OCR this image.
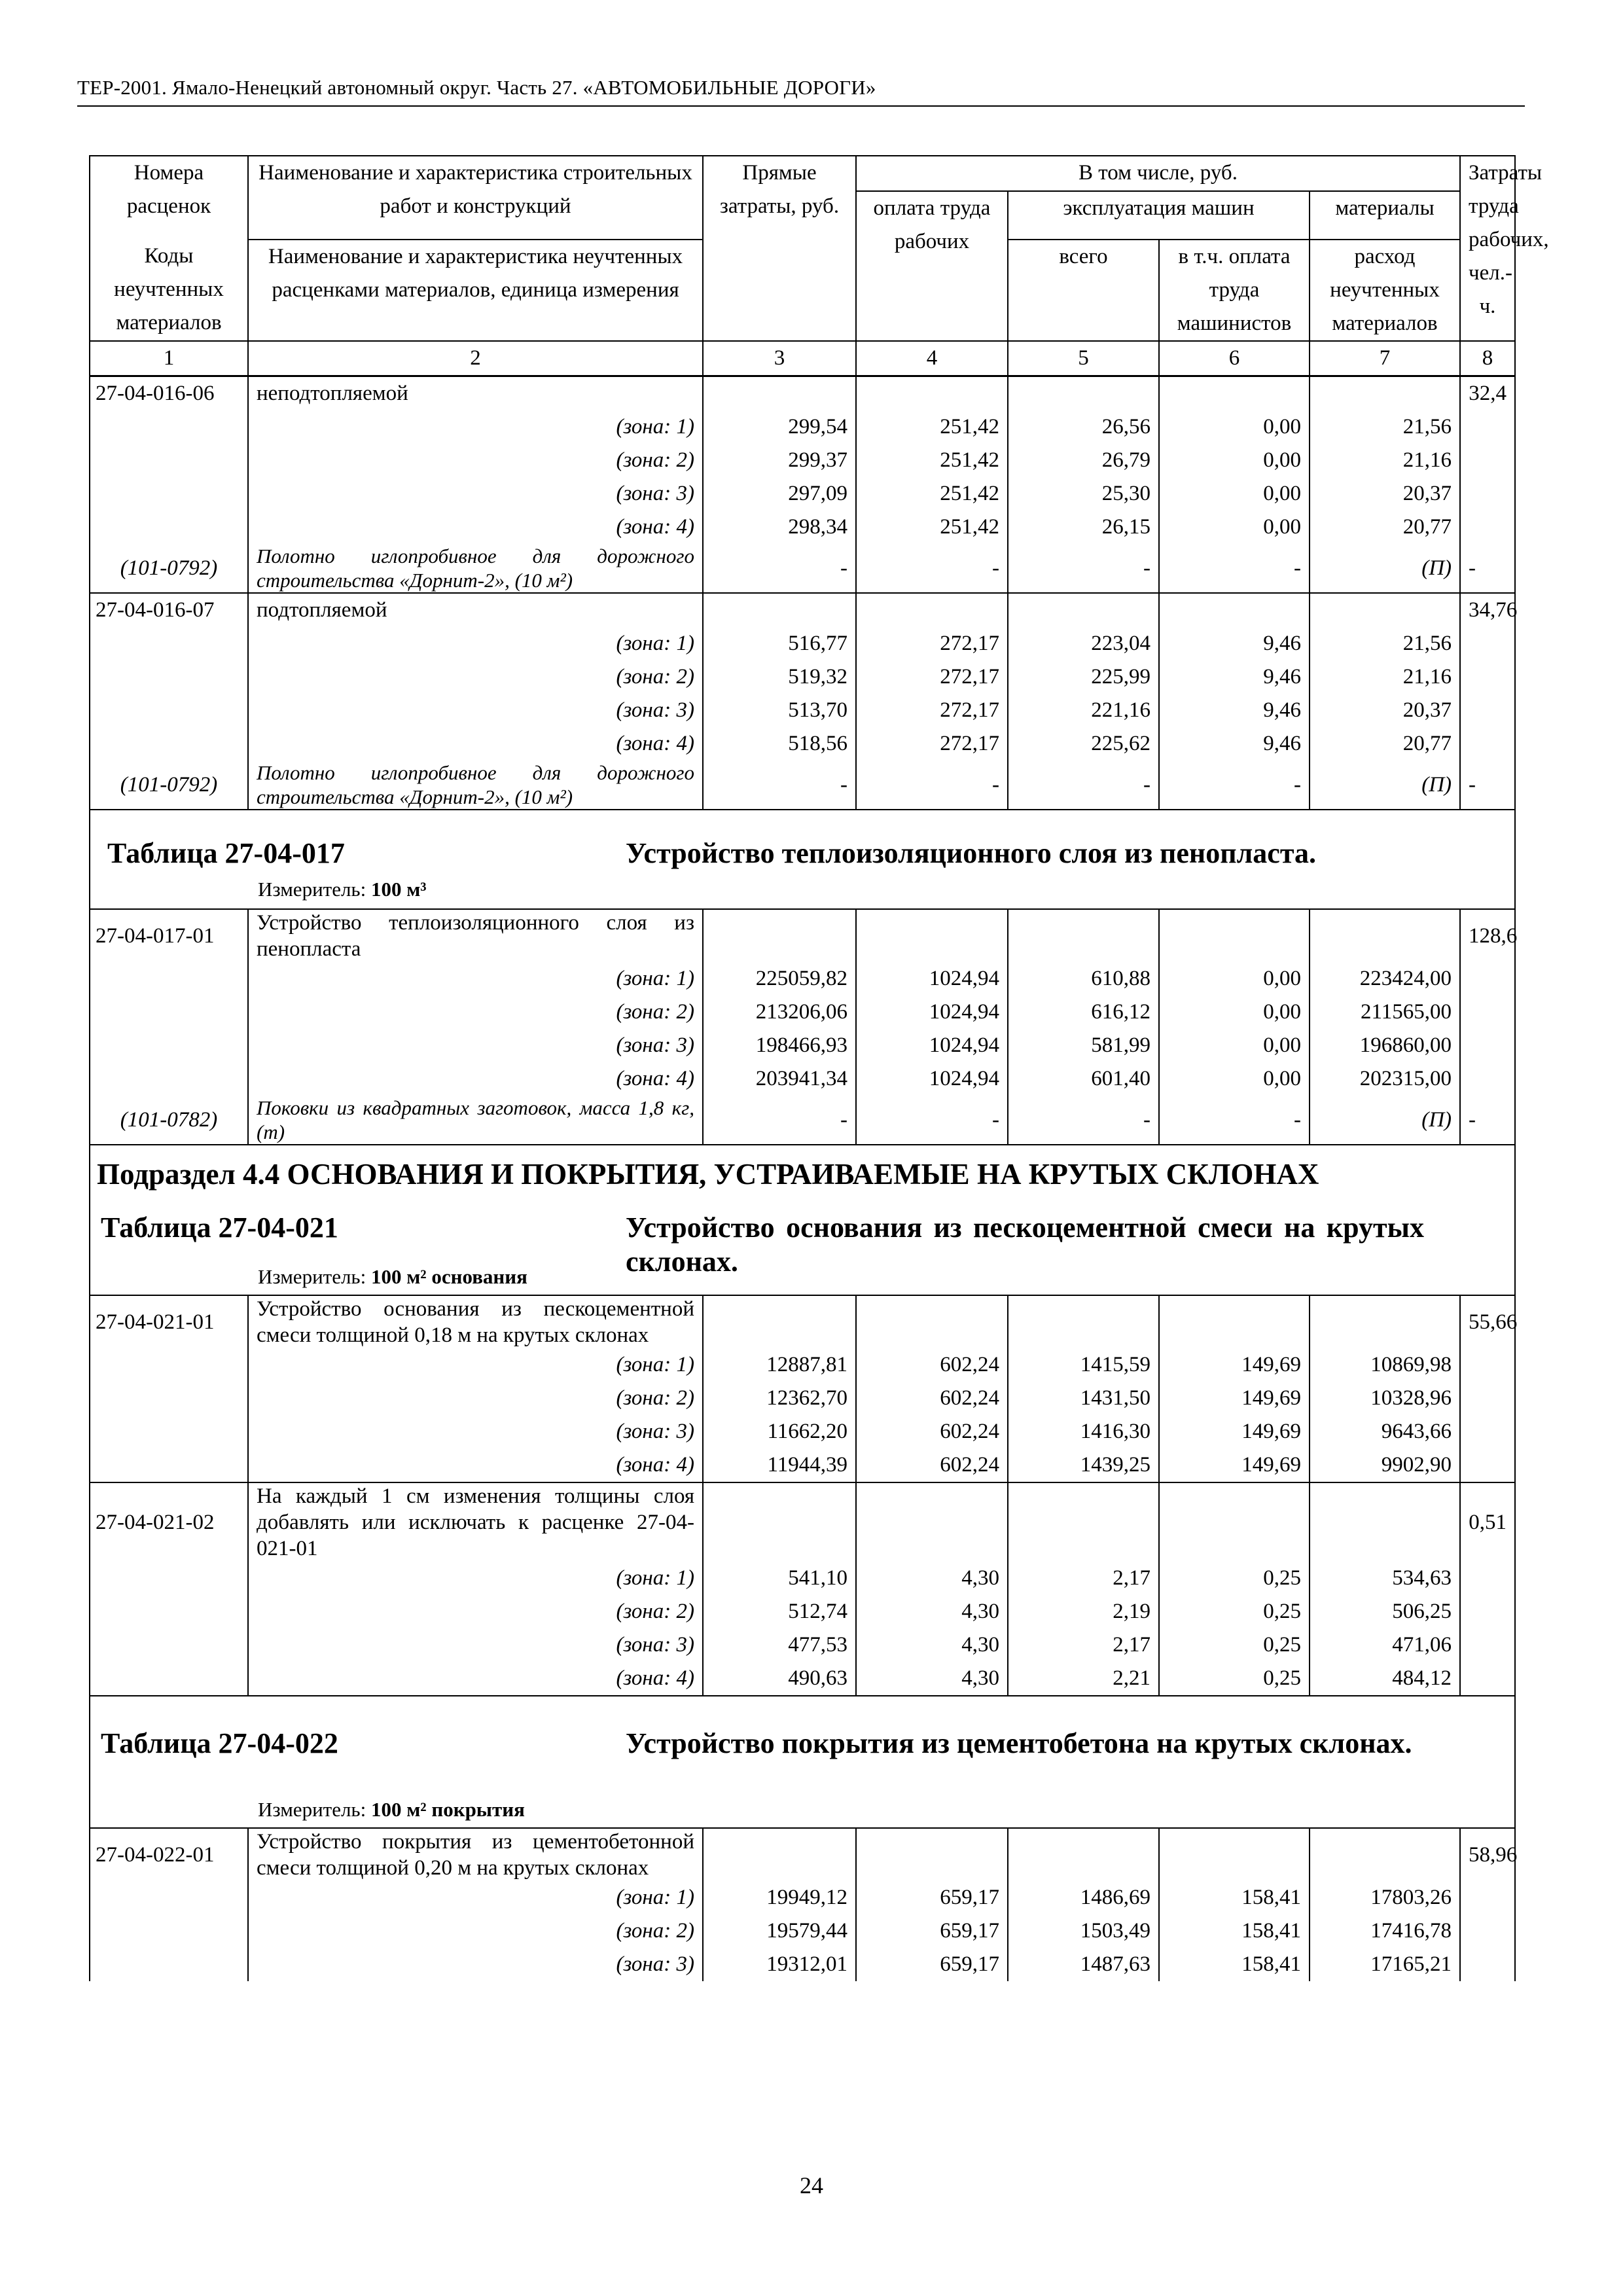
ТЕР-2001. Ямало-Ненецкий автономный округ. Часть 27. «АВТОМОБИЛЬНЫЕ ДОРОГИ»
Номера расценок	Наименование и характеристика строительных работ и конструкций	Прямые затраты, руб.	В том числе, руб.				Затраты труда рабочих, чел.-ч.
			оплата труда рабочих	эксплуатация машин		материалы	
Коды неучтенных материалов	Наименование и характеристика неучтенных расценками материалов, единица измерения			всего	в т.ч. оплата труда машинистов	расход неучтенных материалов	

1	2	3	4	5	6	7	8
27-04-016-06	неподтопляемой						32,4
	(зона: 1)	299,54	251,42	26,56	0,00	21,56	
	(зона: 2)	299,37	251,42	26,79	0,00	21,16	
	(зона: 3)	297,09	251,42	25,30	0,00	20,37	
	(зона: 4)	298,34	251,42	26,15	0,00	20,77	
(101-0792)	Полотно иглопробивное для дорожного строительства «Дорнит-2», (10 м²)	-	-	-	-	(П)	-
27-04-016-07	подтопляемой						34,76
	(зона: 1)	516,77	272,17	223,04	9,46	21,56	
	(зона: 2)	519,32	272,17	225,99	9,46	21,16	
	(зона: 3)	513,70	272,17	221,16	9,46	20,37	
	(зона: 4)	518,56	272,17	225,62	9,46	20,77	
(101-0792)	Полотно иглопробивное для дорожного строительства «Дорнит-2», (10 м²)	-	-	-	-	(П)	-

Таблица 27-04-017 Устройство теплоизоляционного слоя из пенопласта.
Измеритель: 100 м³							

27-04-017-01	Устройство теплоизоляционного слоя из пенопласта						128,6
	(зона: 1)	225059,82	1024,94	610,88	0,00	223424,00	
	(зона: 2)	213206,06	1024,94	616,12	0,00	211565,00	
	(зона: 3)	198466,93	1024,94	581,99	0,00	196860,00	
	(зона: 4)	203941,34	1024,94	601,40	0,00	202315,00	
(101-0782)	Поковки из квадратных заготовок, масса 1,8 кг, (т)	-	-	-	-	(П)	-

Подраздел 4.4 ОСНОВАНИЯ И ПОКРЫТИЯ, УСТРАИВАЕМЫЕ НА КРУТЫХ СКЛОНАХ							

Таблица 27-04-021 Устройство основания из пескоцементной смеси на крутых склонах.
Измеритель: 100 м² основания							

27-04-021-01	Устройство основания из пескоцементной смеси толщиной 0,18 м на крутых склонах						55,66
	(зона: 1)	12887,81	602,24	1415,59	149,69	10869,98	
	(зона: 2)	12362,70	602,24	1431,50	149,69	10328,96	
	(зона: 3)	11662,20	602,24	1416,30	149,69	9643,66	
	(зона: 4)	11944,39	602,24	1439,25	149,69	9902,90	
27-04-021-02	На каждый 1 см изменения толщины слоя добавлять или исключать к расценке 27-04-021-01						0,51
	(зона: 1)	541,10	4,30	2,17	0,25	534,63	
	(зона: 2)	512,74	4,30	2,19	0,25	506,25	
	(зона: 3)	477,53	4,30	2,17	0,25	471,06	
	(зона: 4)	490,63	4,30	2,21	0,25	484,12	

Таблица 27-04-022 Устройство покрытия из цементобетона на крутых склонах.
Измеритель: 100 м² покрытия							

27-04-022-01	Устройство покрытия из цементобетонной смеси толщиной 0,20 м на крутых склонах						58,96
	(зона: 1)	19949,12	659,17	1486,69	158,41	17803,26	
	(зона: 2)	19579,44	659,17	1503,49	158,41	17416,78	
	(зона: 3)	19312,01	659,17	1487,63	158,41	17165,21	
24
